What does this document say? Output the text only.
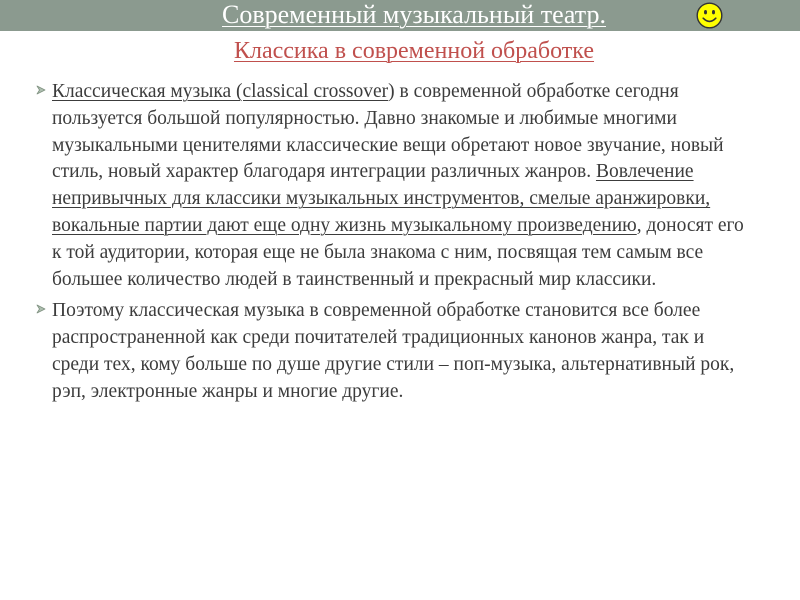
Современный музыкальный театр.
Классика в современной обработке
Классическая музыка (classical crossover) в современной обработке сегодня пользуется большой популярностью. Давно знакомые и любимые многими музыкальными ценителями классические вещи обретают новое звучание, новый стиль, новый характер благодаря интеграции различных жанров. Вовлечение непривычных для классики музыкальных инструментов, смелые аранжировки, вокальные партии дают еще одну жизнь музыкальному произведению, доносят его к той аудитории, которая еще не была знакома с ним, посвящая тем самым все большее количество людей в таинственный и прекрасный мир классики.
Поэтому классическая музыка в современной обработке становится все более распространенной как среди почитателей традиционных канонов жанра, так и среди тех, кому больше по душе другие стили – поп-музыка, альтернативный рок, рэп, электронные жанры и многие другие.
